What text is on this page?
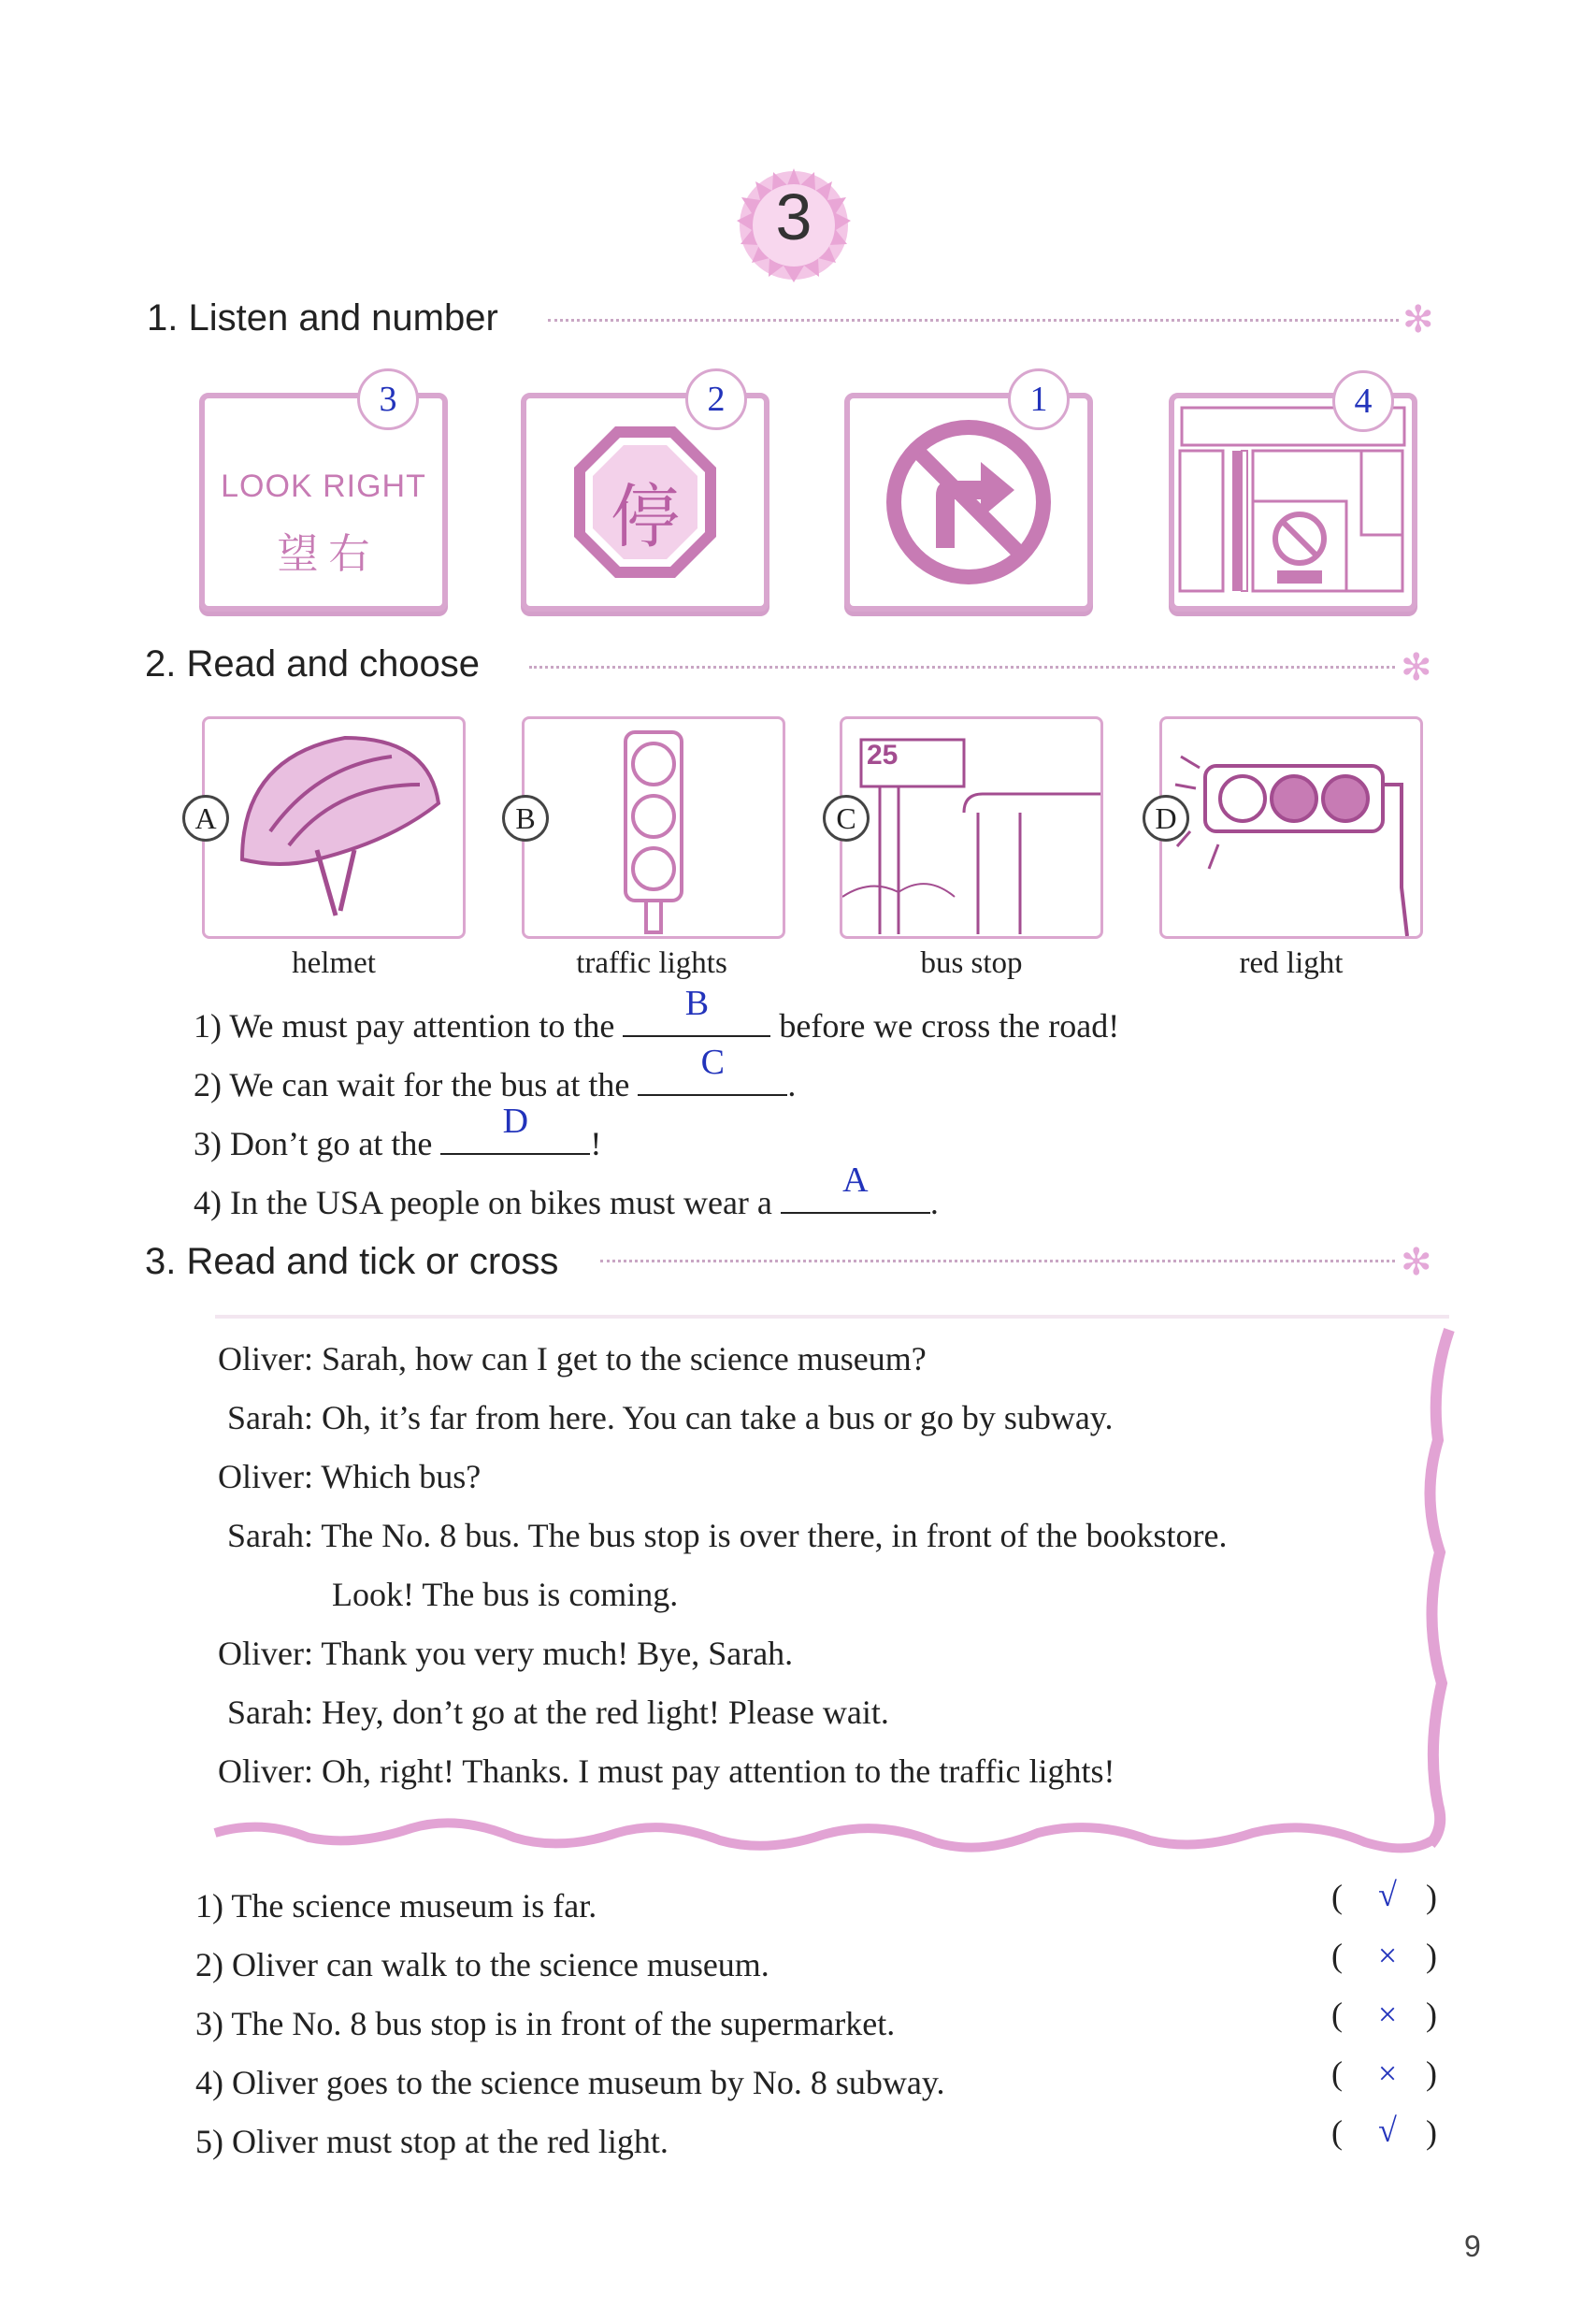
3
1. Listen and number	✻
LOOK RIGHT
望 右
3
停
2	1	4
2. Read and choose	✻
A
helmet
B
traffic lights
25
C
bus stop
D
red light
1) We must pay attention to the
B
before we cross the road!
2) We can wait for the bus at the
C
.
3) Don’t go at the
D
!
4) In the USA people on bikes must wear a
A
.
3. Read and tick or cross	✻
Oliver: Sarah, how can I get to the science museum?
Sarah: Oh, it’s far from here. You can take a bus or go by subway.
Oliver: Which bus?
Sarah: The No. 8 bus. The bus stop is over there, in front of the bookstore.
Look! The bus is coming.
Oliver: Thank you very much! Bye, Sarah.
Sarah: Hey, don’t go at the red light! Please wait.
Oliver: Oh, right! Thanks. I must pay attention to the traffic lights!
1) The science museum is far.	( √ )
2) Oliver can walk to the science museum.	( × )
3) The No. 8 bus stop is in front of the supermarket.	( × )
4) Oliver goes to the science museum by No. 8 subway.	( × )
5) Oliver must stop at the red light.	( √ )
9
